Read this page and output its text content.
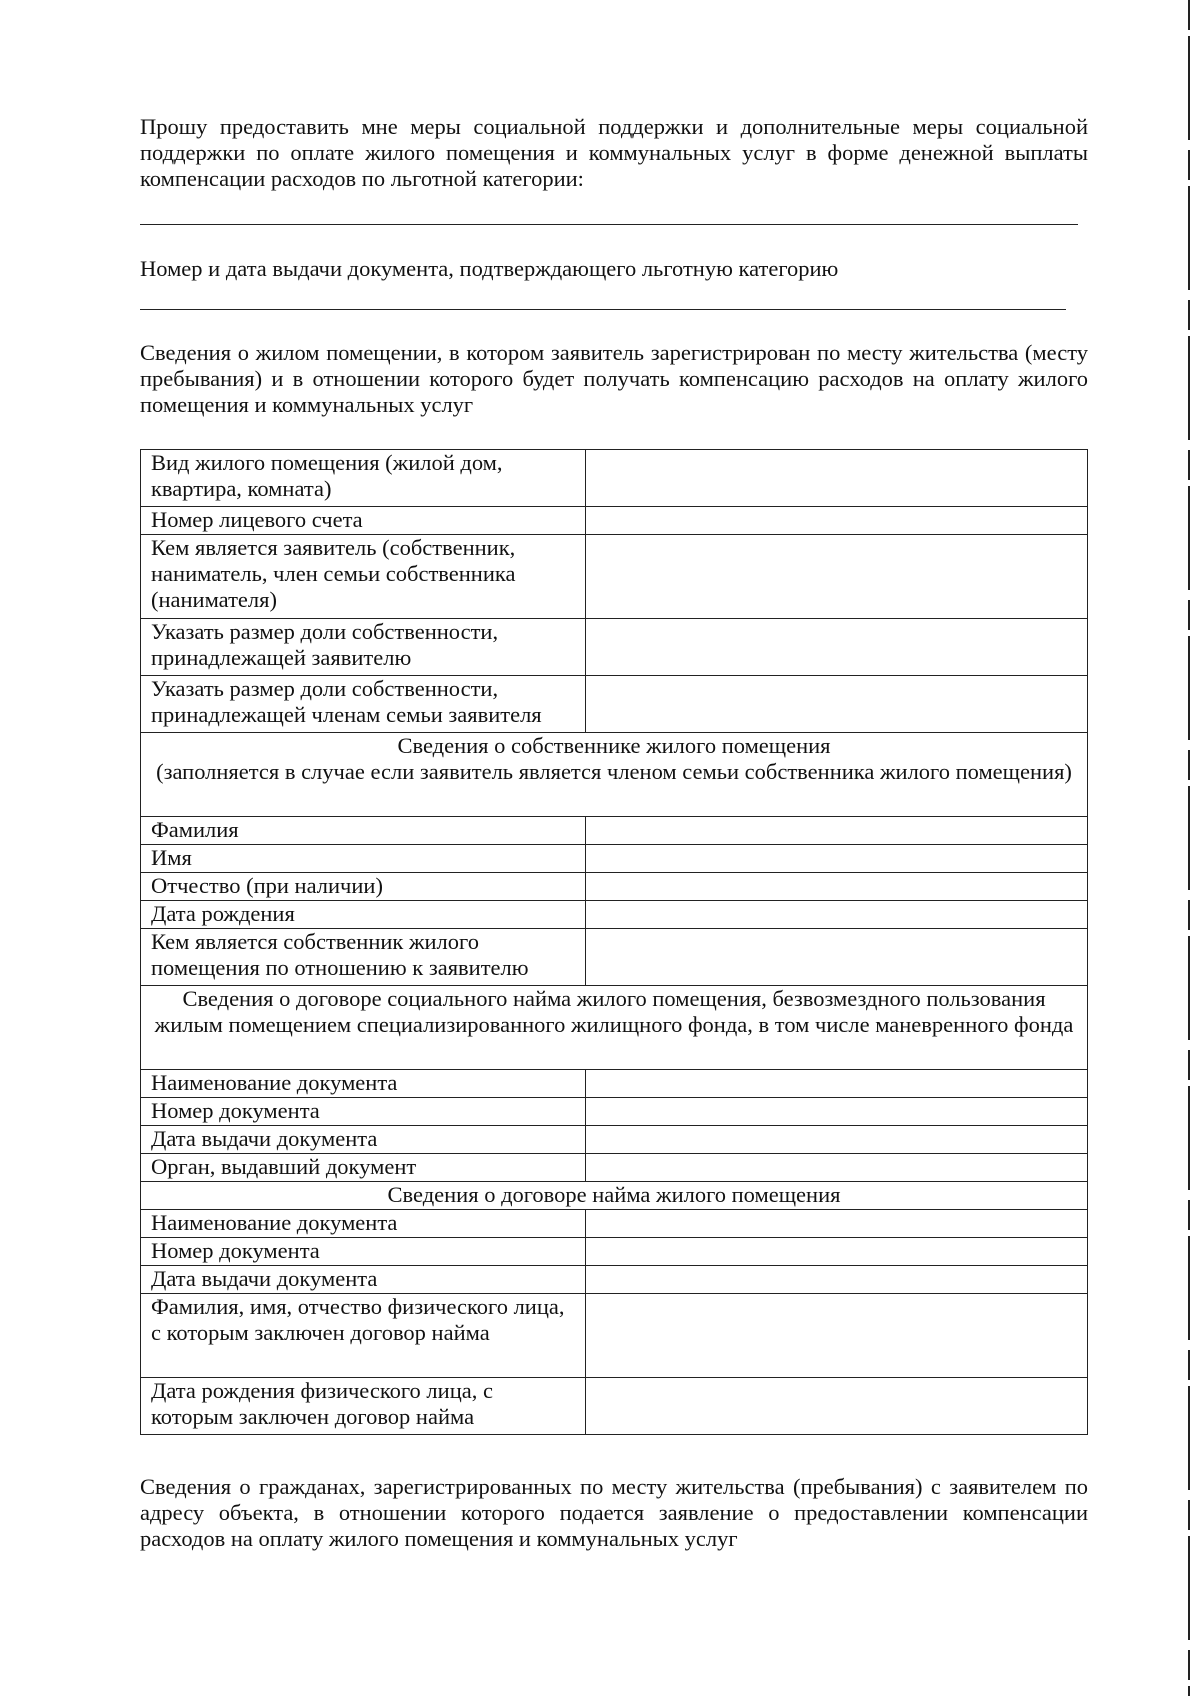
Прошу предоставить мне меры социальной поддержки и дополнительные меры социальной поддержки по оплате жилого помещения и коммунальных услуг в форме денежной выплаты компенсации расходов по льготной категории:

Номер и дата выдачи документа, подтверждающего льготную категорию

Сведения о жилом помещении, в котором заявитель зарегистрирован по месту жительства (месту пребывания) и в отношении которого будет получать компенсацию расходов на оплату жилого помещения и коммунальных услуг

Вид жилого помещения (жилой дом, квартира, комната)	
Номер лицевого счета	
Кем является заявитель (собственник, наниматель, член семьи собственника (нанимателя)	
Указать размер доли собственности, принадлежащей заявителю	
Указать размер доли собственности, принадлежащей членам семьи заявителя	

Сведения о собственнике жилого помещения
(заполняется в случае если заявитель является членом семьи собственника жилого помещения)	

Фамилия	
Имя	
Отчество (при наличии)	
Дата рождения	
Кем является собственник жилого помещения по отношению к заявителю	
Сведения о договоре социального найма жилого помещения, безвозмездного пользования жилым помещением специализированного жилищного фонда, в том числе маневренного фонда	
Наименование документа	
Номер документа	
Дата выдачи документа	
Орган, выдавший документ	
Сведения о договоре найма жилого помещения	
Наименование документа	
Номер документа	
Дата выдачи документа	
Фамилия, имя, отчество физического лица, с которым заключен договор найма	
Дата рождения физического лица, с которым заключен договор найма	

Сведения о гражданах, зарегистрированных по месту жительства (пребывания) с заявителем по адресу объекта, в отношении которого подается заявление о предоставлении компенсации расходов на оплату жилого помещения и коммунальных услуг
